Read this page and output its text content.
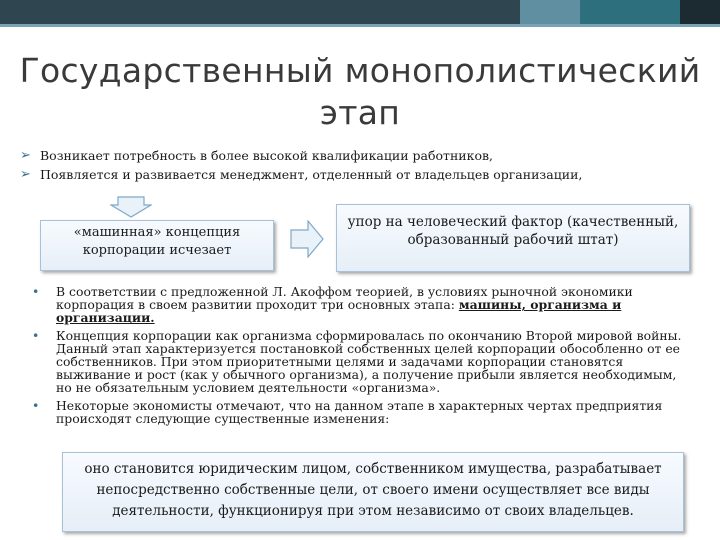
Государственный монополистический
этап
➢ Возникает потребность в более высокой квалификации работников,
➢ Появляется и развивается менеджмент, отделенный от владельцев организации,
«машинная» концепция корпорации исчезает
упор на человеческий фактор (качественный, образованный рабочий штат)
• В соответствии с предложенной Л. Акоффом теорией, в условиях рыночной экономики корпорация в своем развитии проходит три основных этапа: машины, организма и организации.
• Концепция корпорации как организма сформировалась по окончанию Второй мировой войны. Данный этап характеризуется постановкой собственных целей корпорации обособленно от ее собственников. При этом приоритетными целями и задачами корпорации становятся выживание и рост (как у обычного организма), а получение прибыли является необходимым, но не обязательным условием деятельности «организма».
• Некоторые экономисты отмечают, что на данном этапе в характерных чертах предприятия происходят следующие существенные изменения:
оно становится юридическим лицом, собственником имущества, разрабатывает непосредственно собственные цели, от своего имени осуществляет все виды деятельности, функционируя при этом независимо от своих владельцев.
